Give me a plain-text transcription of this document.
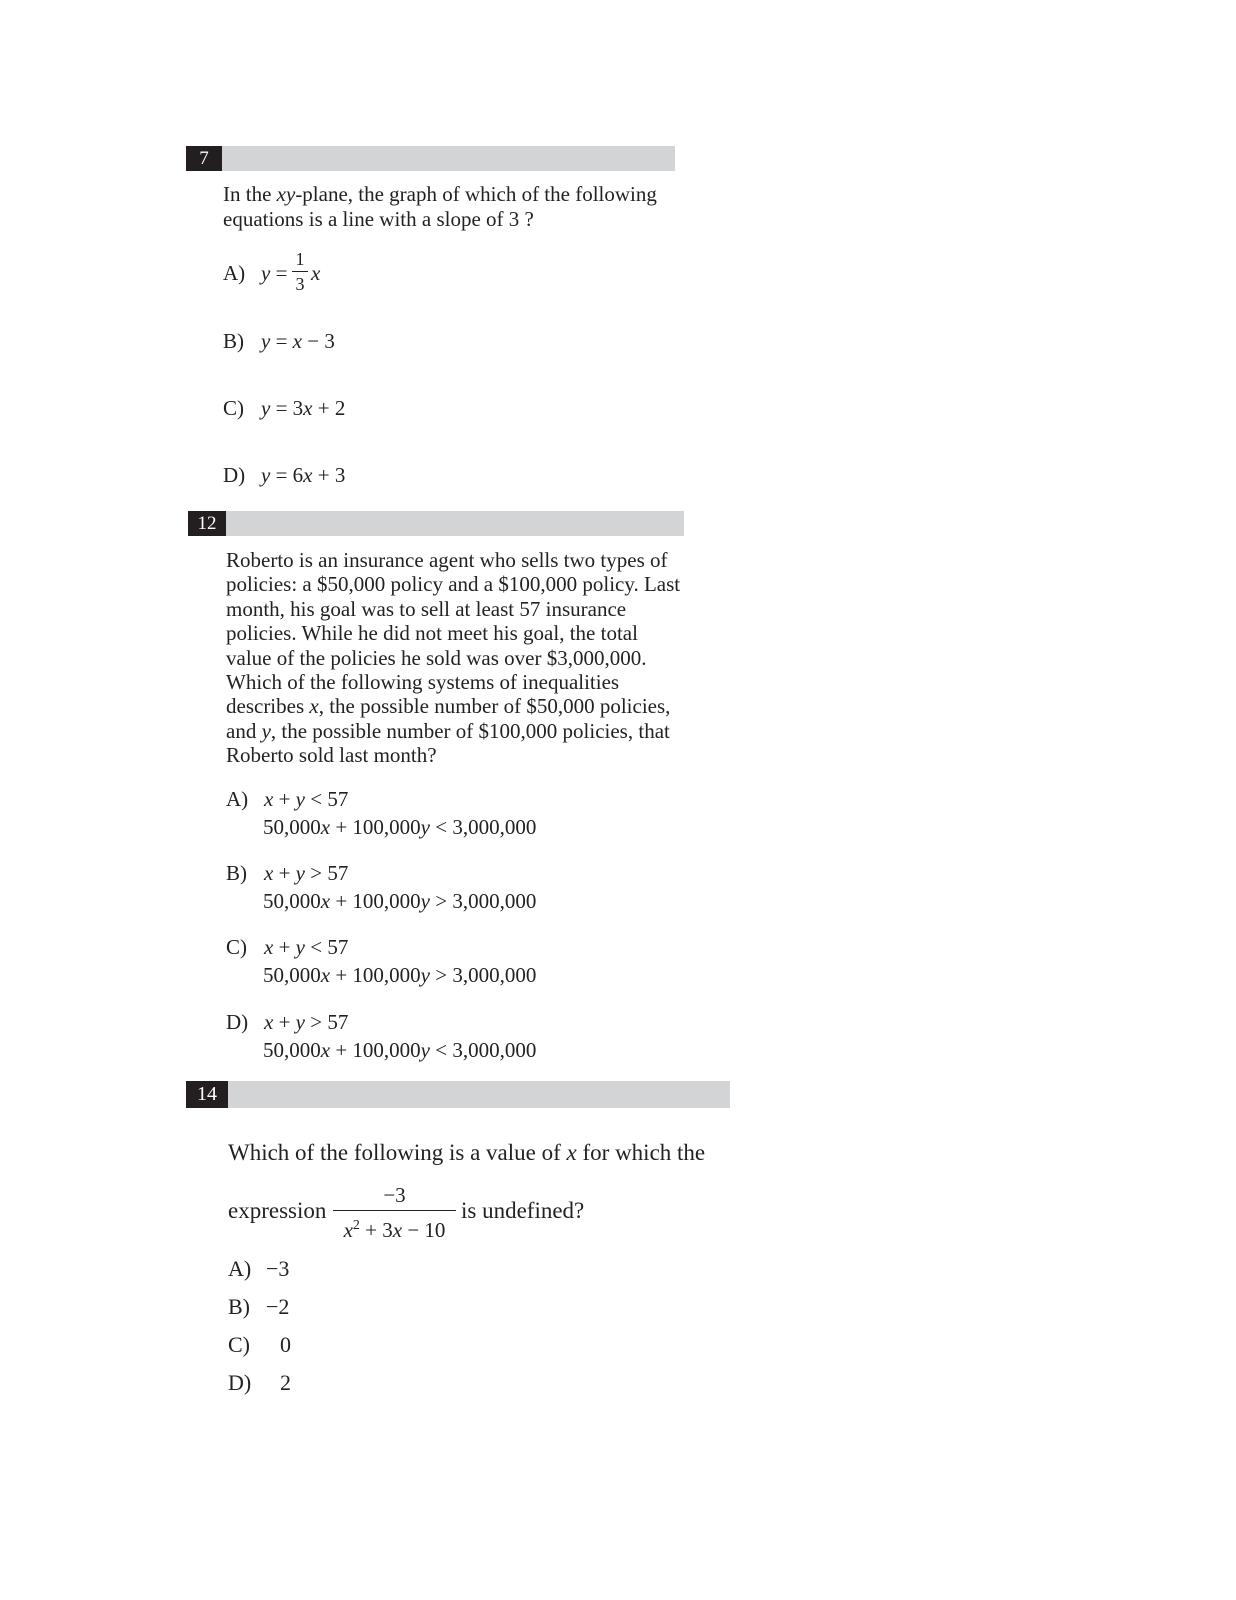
7
In the xy-plane, the graph of which of the following
equations is a line with a slope of 3 ?
A) y =
1
3 x
B) y = x − 3
C) y = 3x + 2
D) y = 6x + 3
12
Roberto is an insurance agent who sells two types of
policies: a $50,000 policy and a $100,000 policy. Last
month, his goal was to sell at least 57 insurance
policies. While he did not meet his goal, the total
value of the policies he sold was over $3,000,000.
Which of the following systems of inequalities
describes x, the possible number of $50,000 policies,
and y, the possible number of $100,000 policies, that
Roberto sold last month?
A) x + y < 57
50,000x + 100,000y < 3,000,000
B) x + y > 57
50,000x + 100,000y > 3,000,000
C) x + y < 57
50,000x + 100,000y > 3,000,000
D) x + y > 57
50,000x + 100,000y < 3,000,000
14
Which of the following is a value of x for which the
expression
−3
$x^2 + 3x - 10$
is undefined?
A) −3
B) −2
C) 0
D) 2
